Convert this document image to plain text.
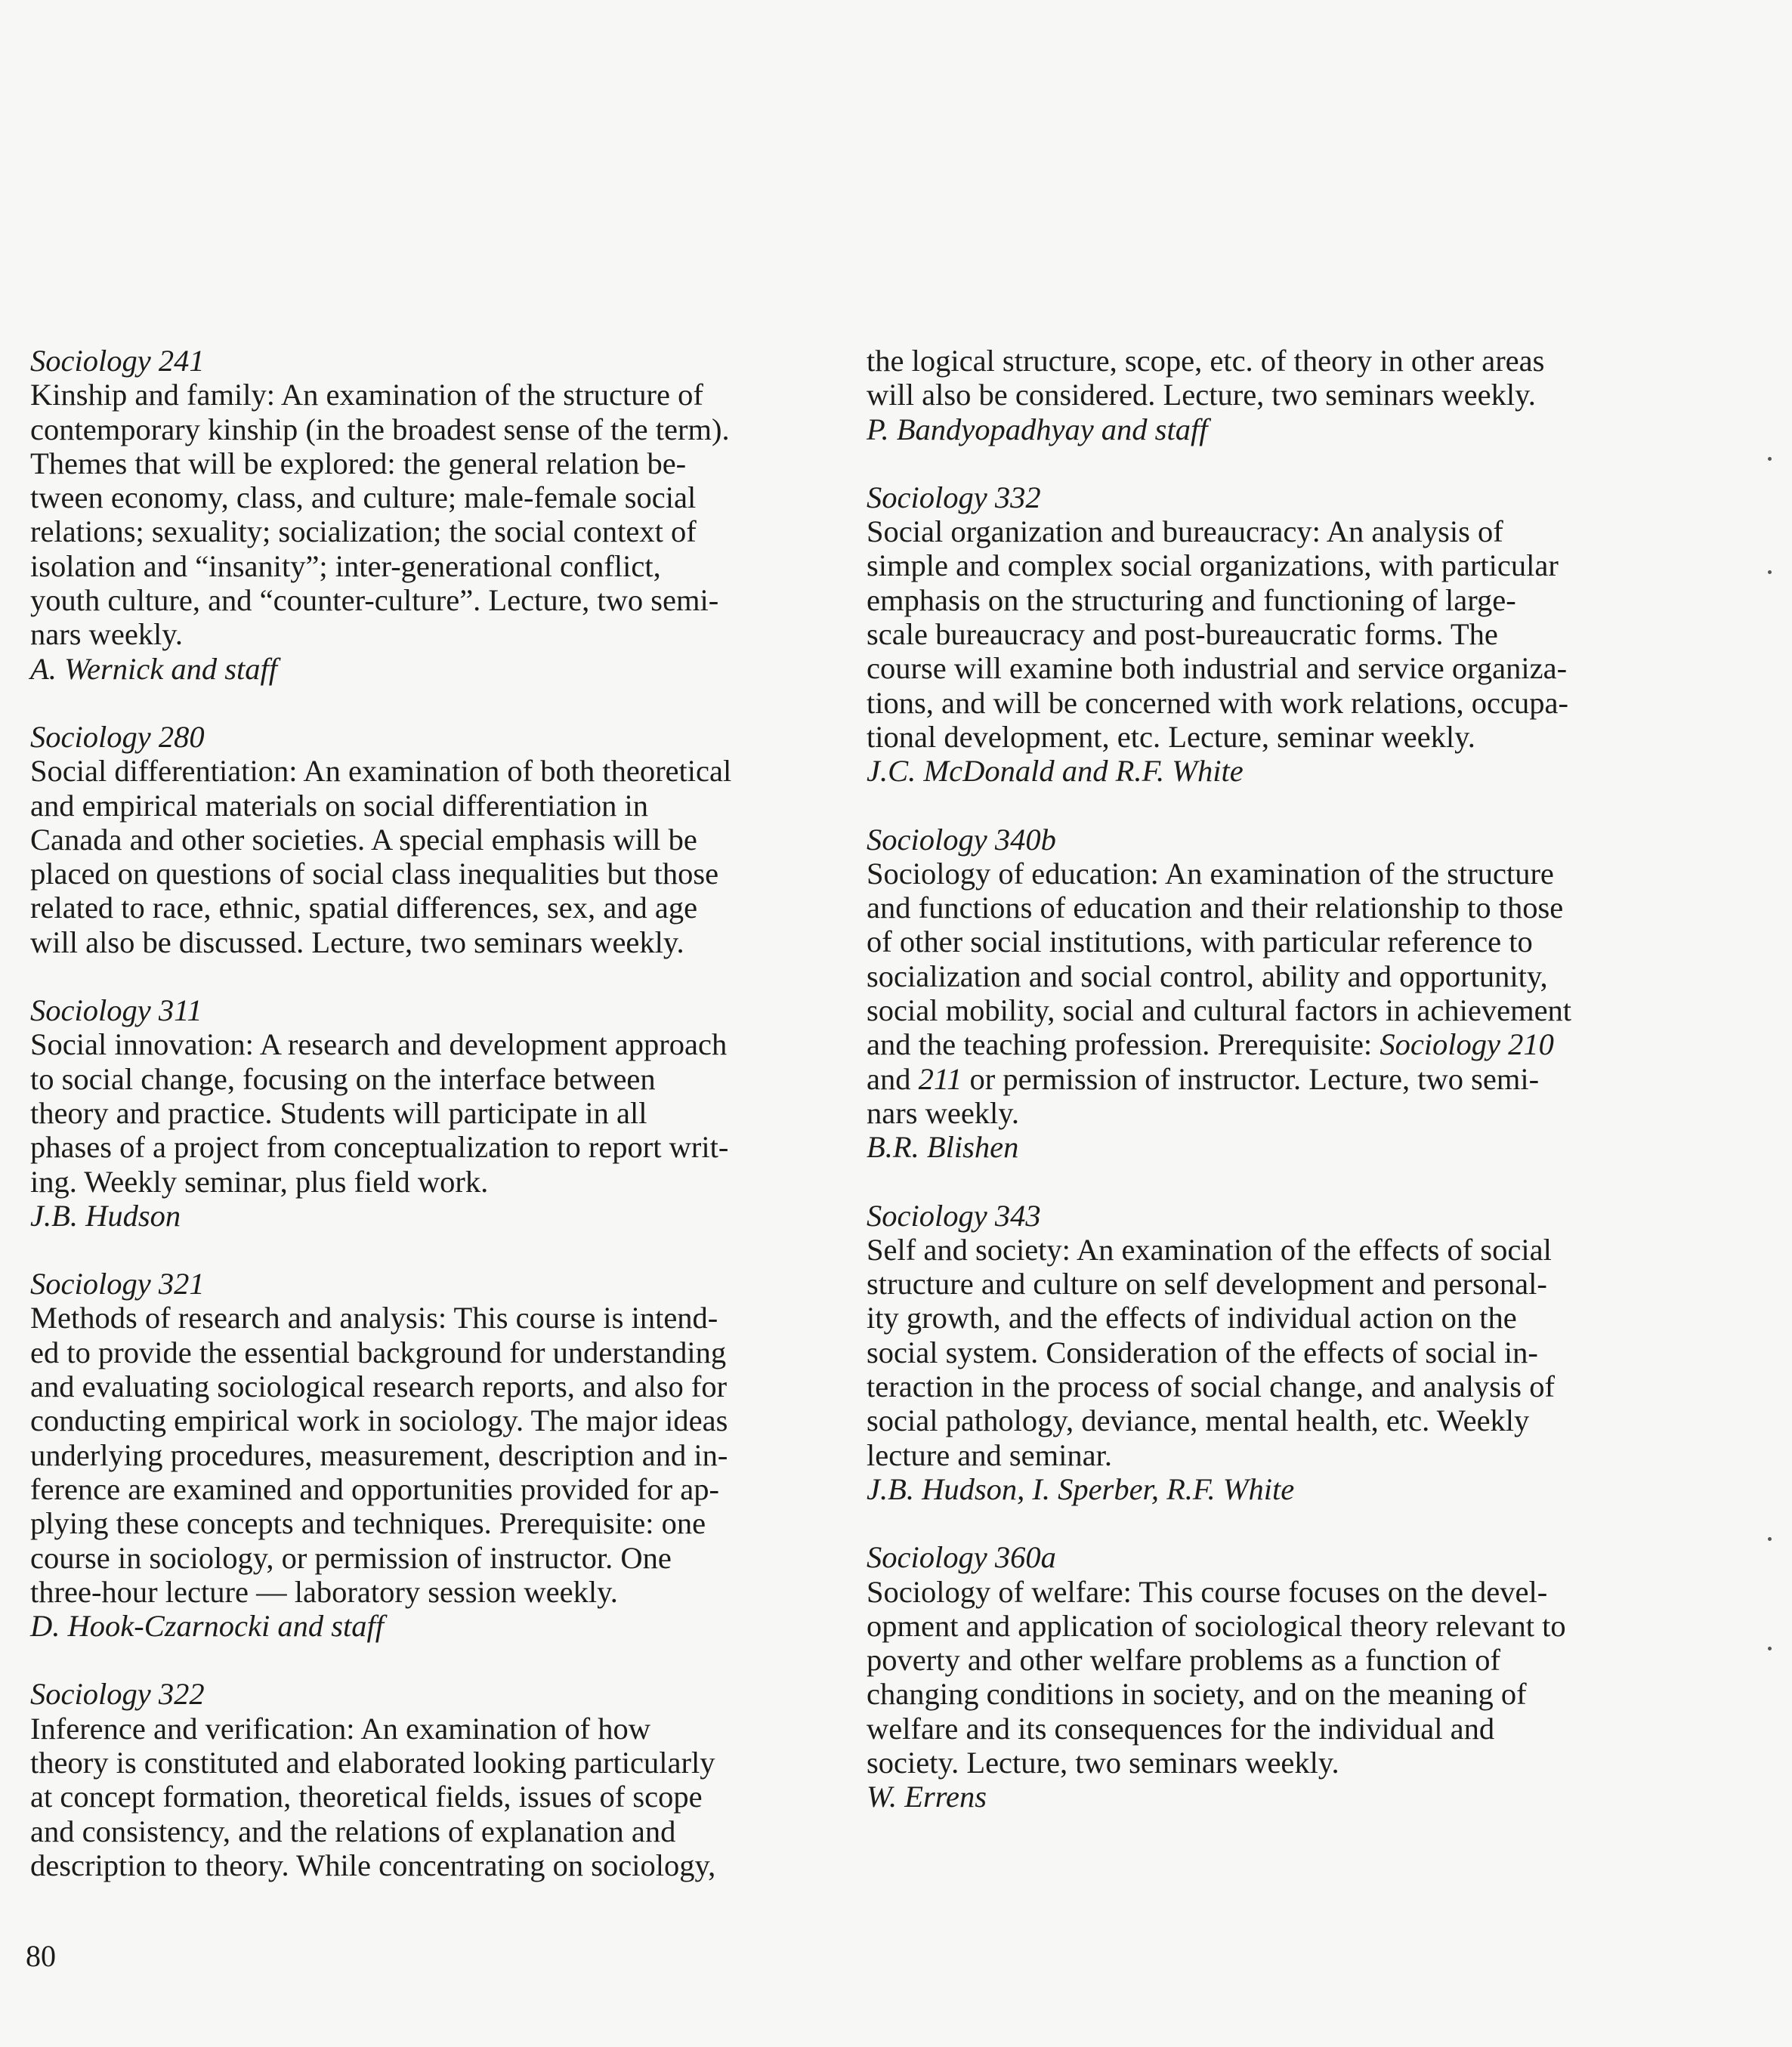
Sociology 241
Kinship and family: An examination of the structure of
contemporary kinship (in the broadest sense of the term).
Themes that will be explored: the general relation be-
tween economy, class, and culture; male-female social
relations; sexuality; socialization; the social context of
isolation and “insanity”; inter-generational conflict,
youth culture, and “counter-culture”. Lecture, two semi-
nars weekly.
A. Wernick and staff
Sociology 280
Social differentiation: An examination of both theoretical
and empirical materials on social differentiation in
Canada and other societies. A special emphasis will be
placed on questions of social class inequalities but those
related to race, ethnic, spatial differences, sex, and age
will also be discussed. Lecture, two seminars weekly.
Sociology 311
Social innovation: A research and development approach
to social change, focusing on the interface between
theory and practice. Students will participate in all
phases of a project from conceptualization to report writ-
ing. Weekly seminar, plus field work.
J.B. Hudson
Sociology 321
Methods of research and analysis: This course is intend-
ed to provide the essential background for understanding
and evaluating sociological research reports, and also for
conducting empirical work in sociology. The major ideas
underlying procedures, measurement, description and in-
ference are examined and opportunities provided for ap-
plying these concepts and techniques. Prerequisite: one
course in sociology, or permission of instructor. One
three-hour lecture — laboratory session weekly.
D. Hook-Czarnocki and staff
Sociology 322
Inference and verification: An examination of how
theory is constituted and elaborated looking particularly
at concept formation, theoretical fields, issues of scope
and consistency, and the relations of explanation and
description to theory. While concentrating on sociology,
the logical structure, scope, etc. of theory in other areas
will also be considered. Lecture, two seminars weekly.
P. Bandyopadhyay and staff
Sociology 332
Social organization and bureaucracy: An analysis of
simple and complex social organizations, with particular
emphasis on the structuring and functioning of large-
scale bureaucracy and post-bureaucratic forms. The
course will examine both industrial and service organiza-
tions, and will be concerned with work relations, occupa-
tional development, etc. Lecture, seminar weekly.
J.C. McDonald and R.F. White
Sociology 340b
Sociology of education: An examination of the structure
and functions of education and their relationship to those
of other social institutions, with particular reference to
socialization and social control, ability and opportunity,
social mobility, social and cultural factors in achievement
and the teaching profession. Prerequisite: Sociology 210
and 211 or permission of instructor. Lecture, two semi-
nars weekly.
B.R. Blishen
Sociology 343
Self and society: An examination of the effects of social
structure and culture on self development and personal-
ity growth, and the effects of individual action on the
social system. Consideration of the effects of social in-
teraction in the process of social change, and analysis of
social pathology, deviance, mental health, etc. Weekly
lecture and seminar.
J.B. Hudson, I. Sperber, R.F. White
Sociology 360a
Sociology of welfare: This course focuses on the devel-
opment and application of sociological theory relevant to
poverty and other welfare problems as a function of
changing conditions in society, and on the meaning of
welfare and its consequences for the individual and
society. Lecture, two seminars weekly.
W. Errens
80
